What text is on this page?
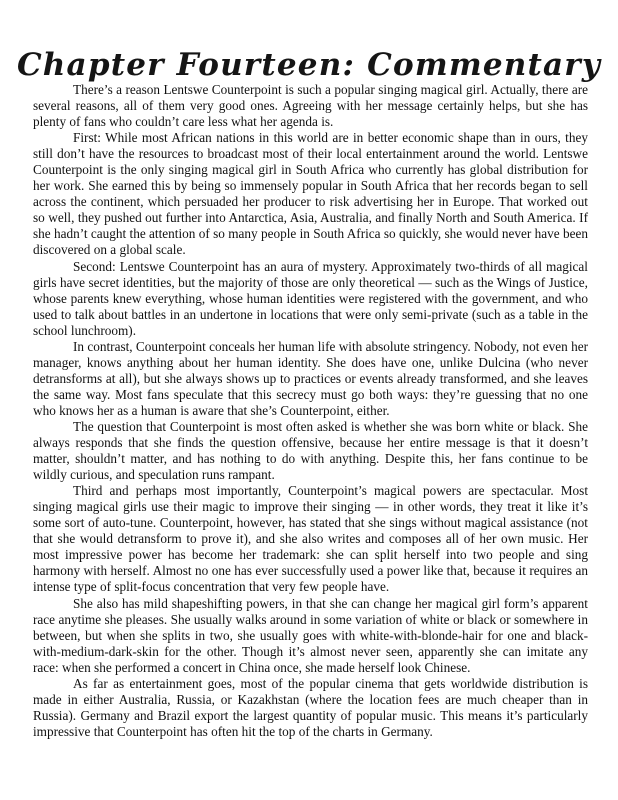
Chapter Fourteen: Commentary

There’s a reason Lentswe Counterpoint is such a popular singing magical girl. Actually, there are several reasons, all of them very good ones. Agreeing with her message certainly helps, but she has plenty of fans who couldn’t care less what her agenda is.

First: While most African nations in this world are in better economic shape than in ours, they still don’t have the resources to broadcast most of their local entertainment around the world. Lentswe Counterpoint is the only singing magical girl in South Africa who currently has global distribution for her work. She earned this by being so immensely popular in South Africa that her records began to sell across the continent, which persuaded her producer to risk advertising her in Europe. That worked out so well, they pushed out further into Antarctica, Asia, Australia, and finally North and South America. If she hadn’t caught the attention of so many people in South Africa so quickly, she would never have been discovered on a global scale.

Second: Lentswe Counterpoint has an aura of mystery. Approximately two-thirds of all magical girls have secret identities, but the majority of those are only theoretical — such as the Wings of Justice, whose parents knew everything, whose human identities were registered with the government, and who used to talk about battles in an undertone in locations that were only semi-private (such as a table in the school lunchroom).

In contrast, Counterpoint conceals her human life with absolute stringency. Nobody, not even her manager, knows anything about her human identity. She does have one, unlike Dulcina (who never detransforms at all), but she always shows up to practices or events already transformed, and she leaves the same way. Most fans speculate that this secrecy must go both ways: they’re guessing that no one who knows her as a human is aware that she’s Counterpoint, either.

The question that Counterpoint is most often asked is whether she was born white or black. She always responds that she finds the question offensive, because her entire message is that it doesn’t matter, shouldn’t matter, and has nothing to do with anything. Despite this, her fans continue to be wildly curious, and speculation runs rampant.

Third and perhaps most importantly, Counterpoint’s magical powers are spectacular. Most singing magical girls use their magic to improve their singing — in other words, they treat it like it’s some sort of auto-tune. Counterpoint, however, has stated that she sings without magical assistance (not that she would detransform to prove it), and she also writes and composes all of her own music. Her most impressive power has become her trademark: she can split herself into two people and sing harmony with herself. Almost no one has ever successfully used a power like that, because it requires an intense type of split-focus concentration that very few people have.

She also has mild shapeshifting powers, in that she can change her magical girl form’s apparent race anytime she pleases. She usually walks around in some variation of white or black or somewhere in between, but when she splits in two, she usually goes with white-with-blonde-hair for one and black-with-medium-dark-skin for the other. Though it’s almost never seen, apparently she can imitate any race: when she performed a concert in China once, she made herself look Chinese.

As far as entertainment goes, most of the popular cinema that gets worldwide distribution is made in either Australia, Russia, or Kazakhstan (where the location fees are much cheaper than in Russia). Germany and Brazil export the largest quantity of popular music. This means it’s particularly impressive that Counterpoint has often hit the top of the charts in Germany.
